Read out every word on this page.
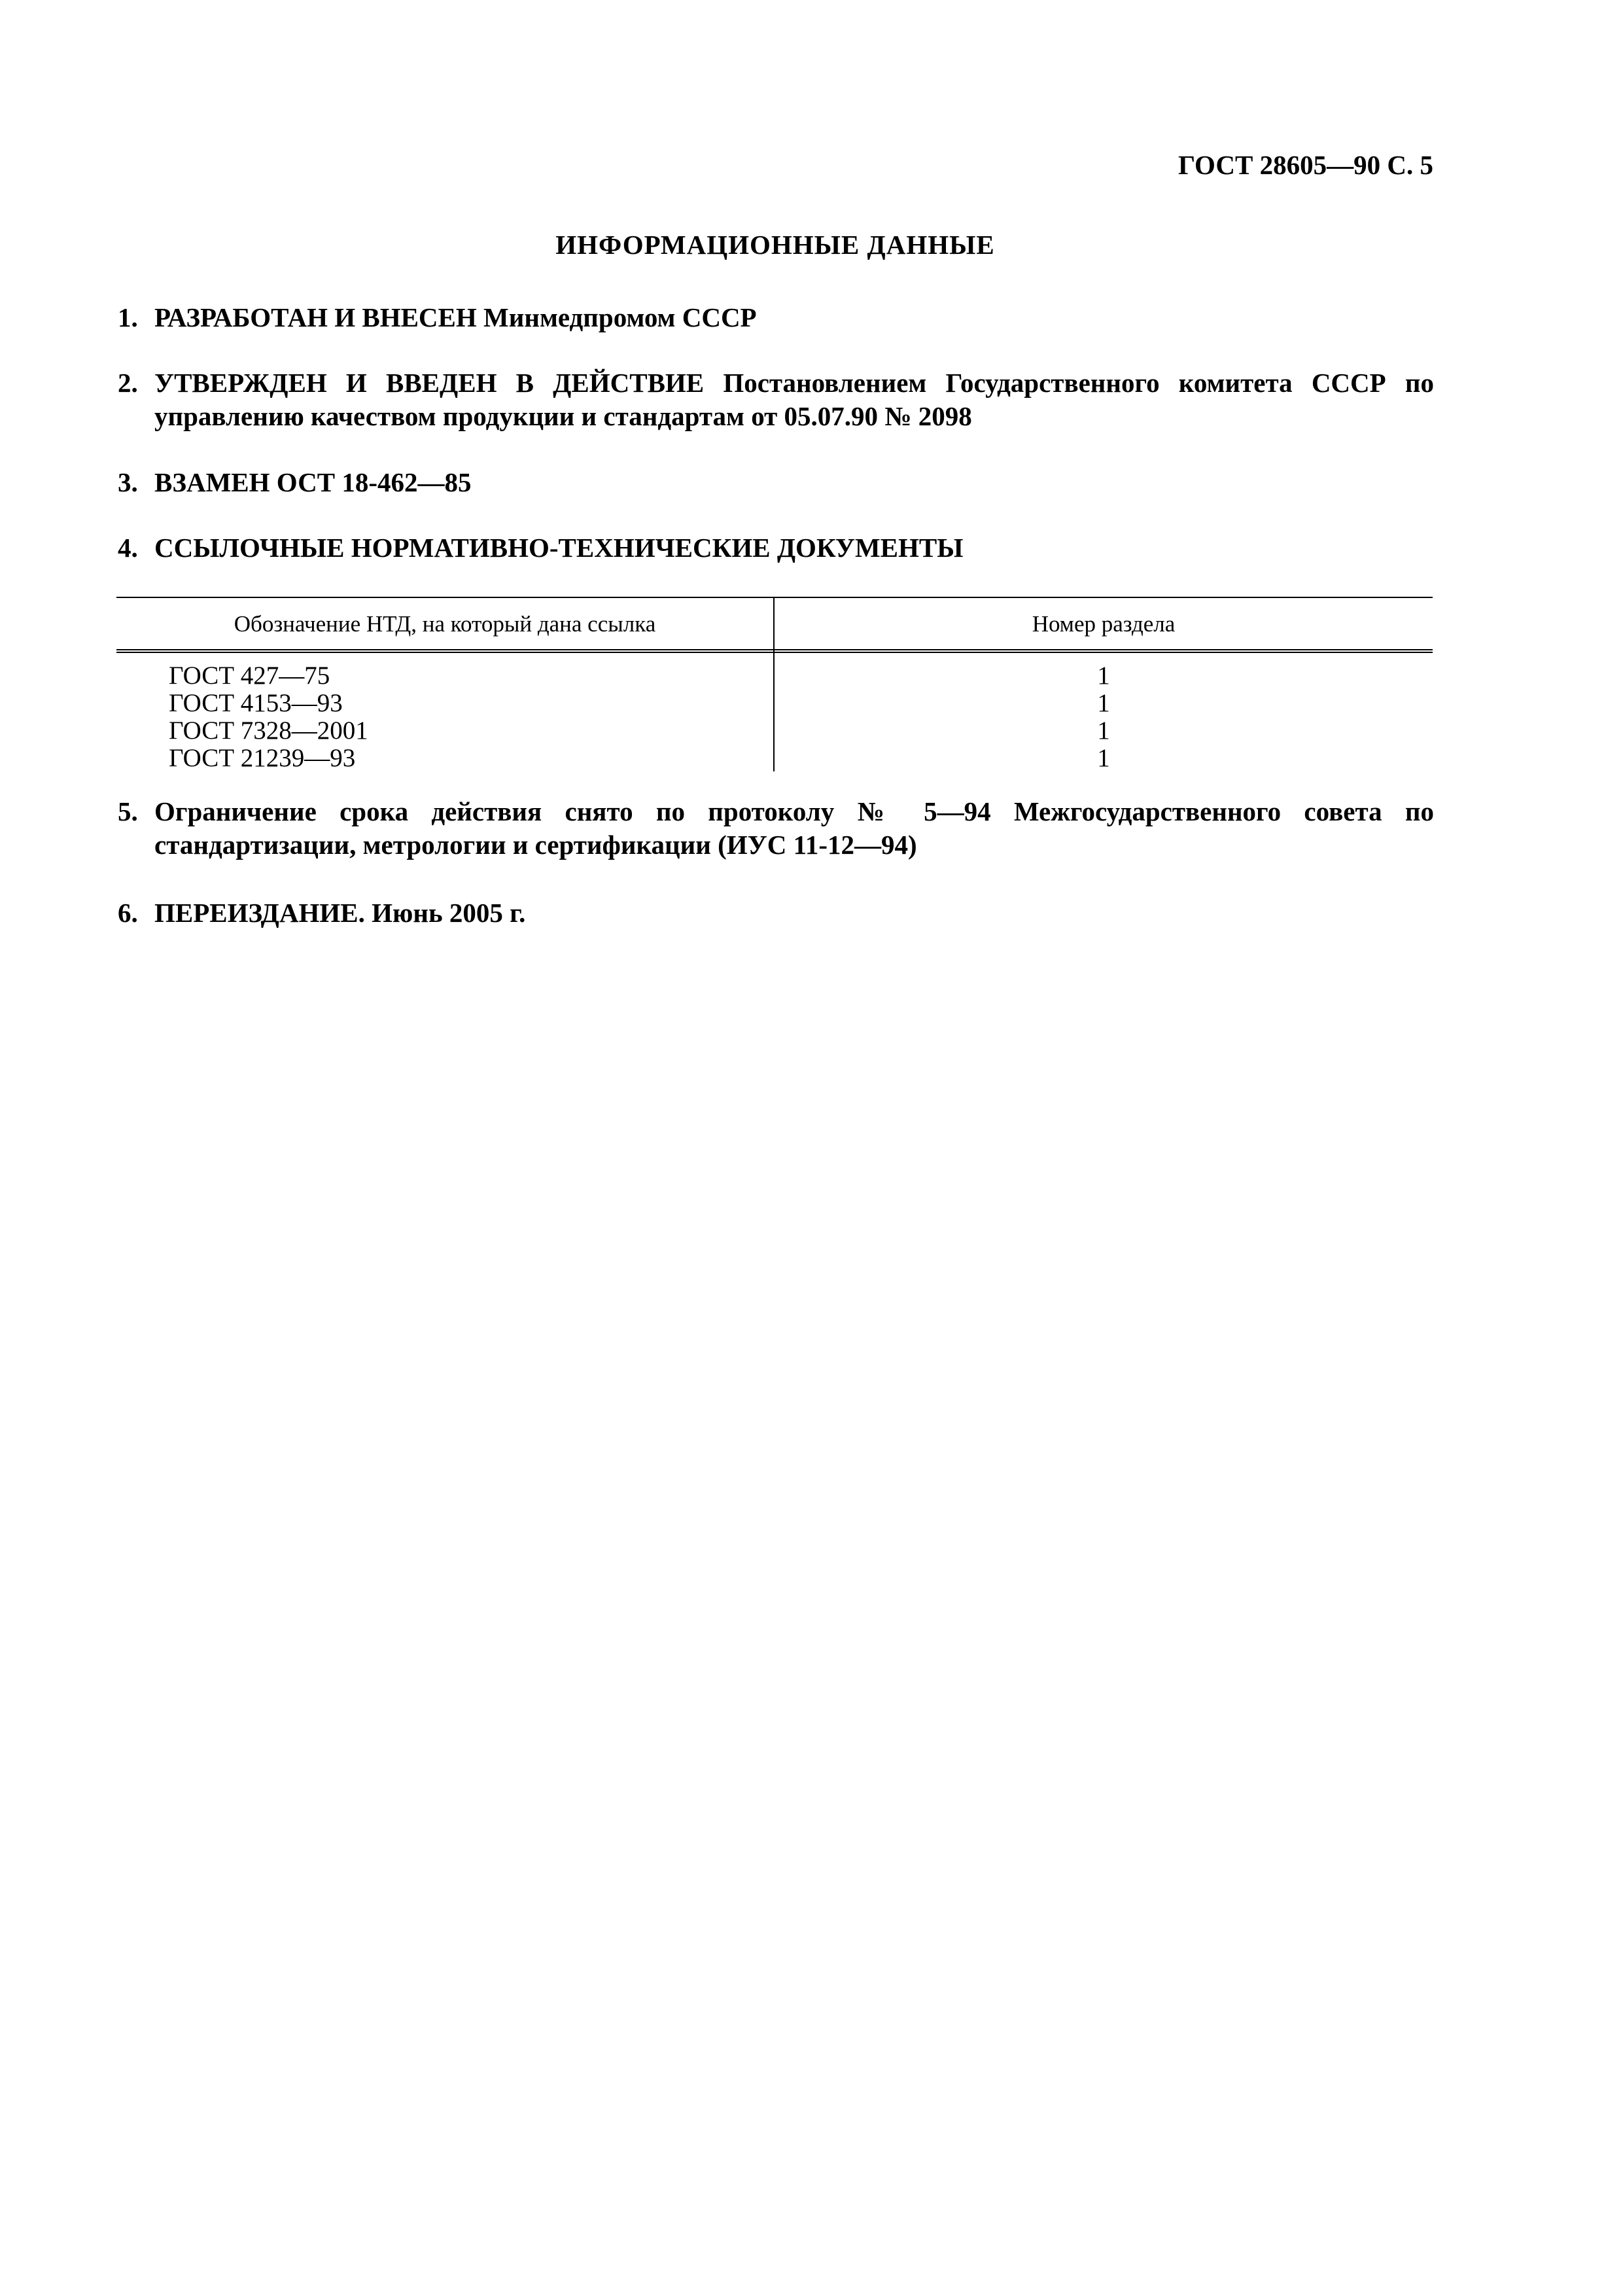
ГОСТ 28605—90 С. 5
ИНФОРМАЦИОННЫЕ ДАННЫЕ
1. РАЗРАБОТАН И ВНЕСЕН Минмедпромом СССР
2. УТВЕРЖДЕН И ВВЕДЕН В ДЕЙСТВИЕ Постановлением Государственного комитета СССР по управлению качеством продукции и стандартам от 05.07.90 № 2098
3. ВЗАМЕН ОСТ 18-462—85
4. ССЫЛОЧНЫЕ НОРМАТИВНО-ТЕХНИЧЕСКИЕ ДОКУМЕНТЫ
Обозначение НТД, на который дана ссылка	Номер раздела
ГОСТ 427—75	1
ГОСТ 4153—93	1
ГОСТ 7328—2001	1
ГОСТ 21239—93	1
5. Ограничение срока действия снято по протоколу № 5—94 Межгосударственного совета по стандартизации, метрологии и сертификации (ИУС 11-12—94)
6. ПЕРЕИЗДАНИЕ. Июнь 2005 г.
